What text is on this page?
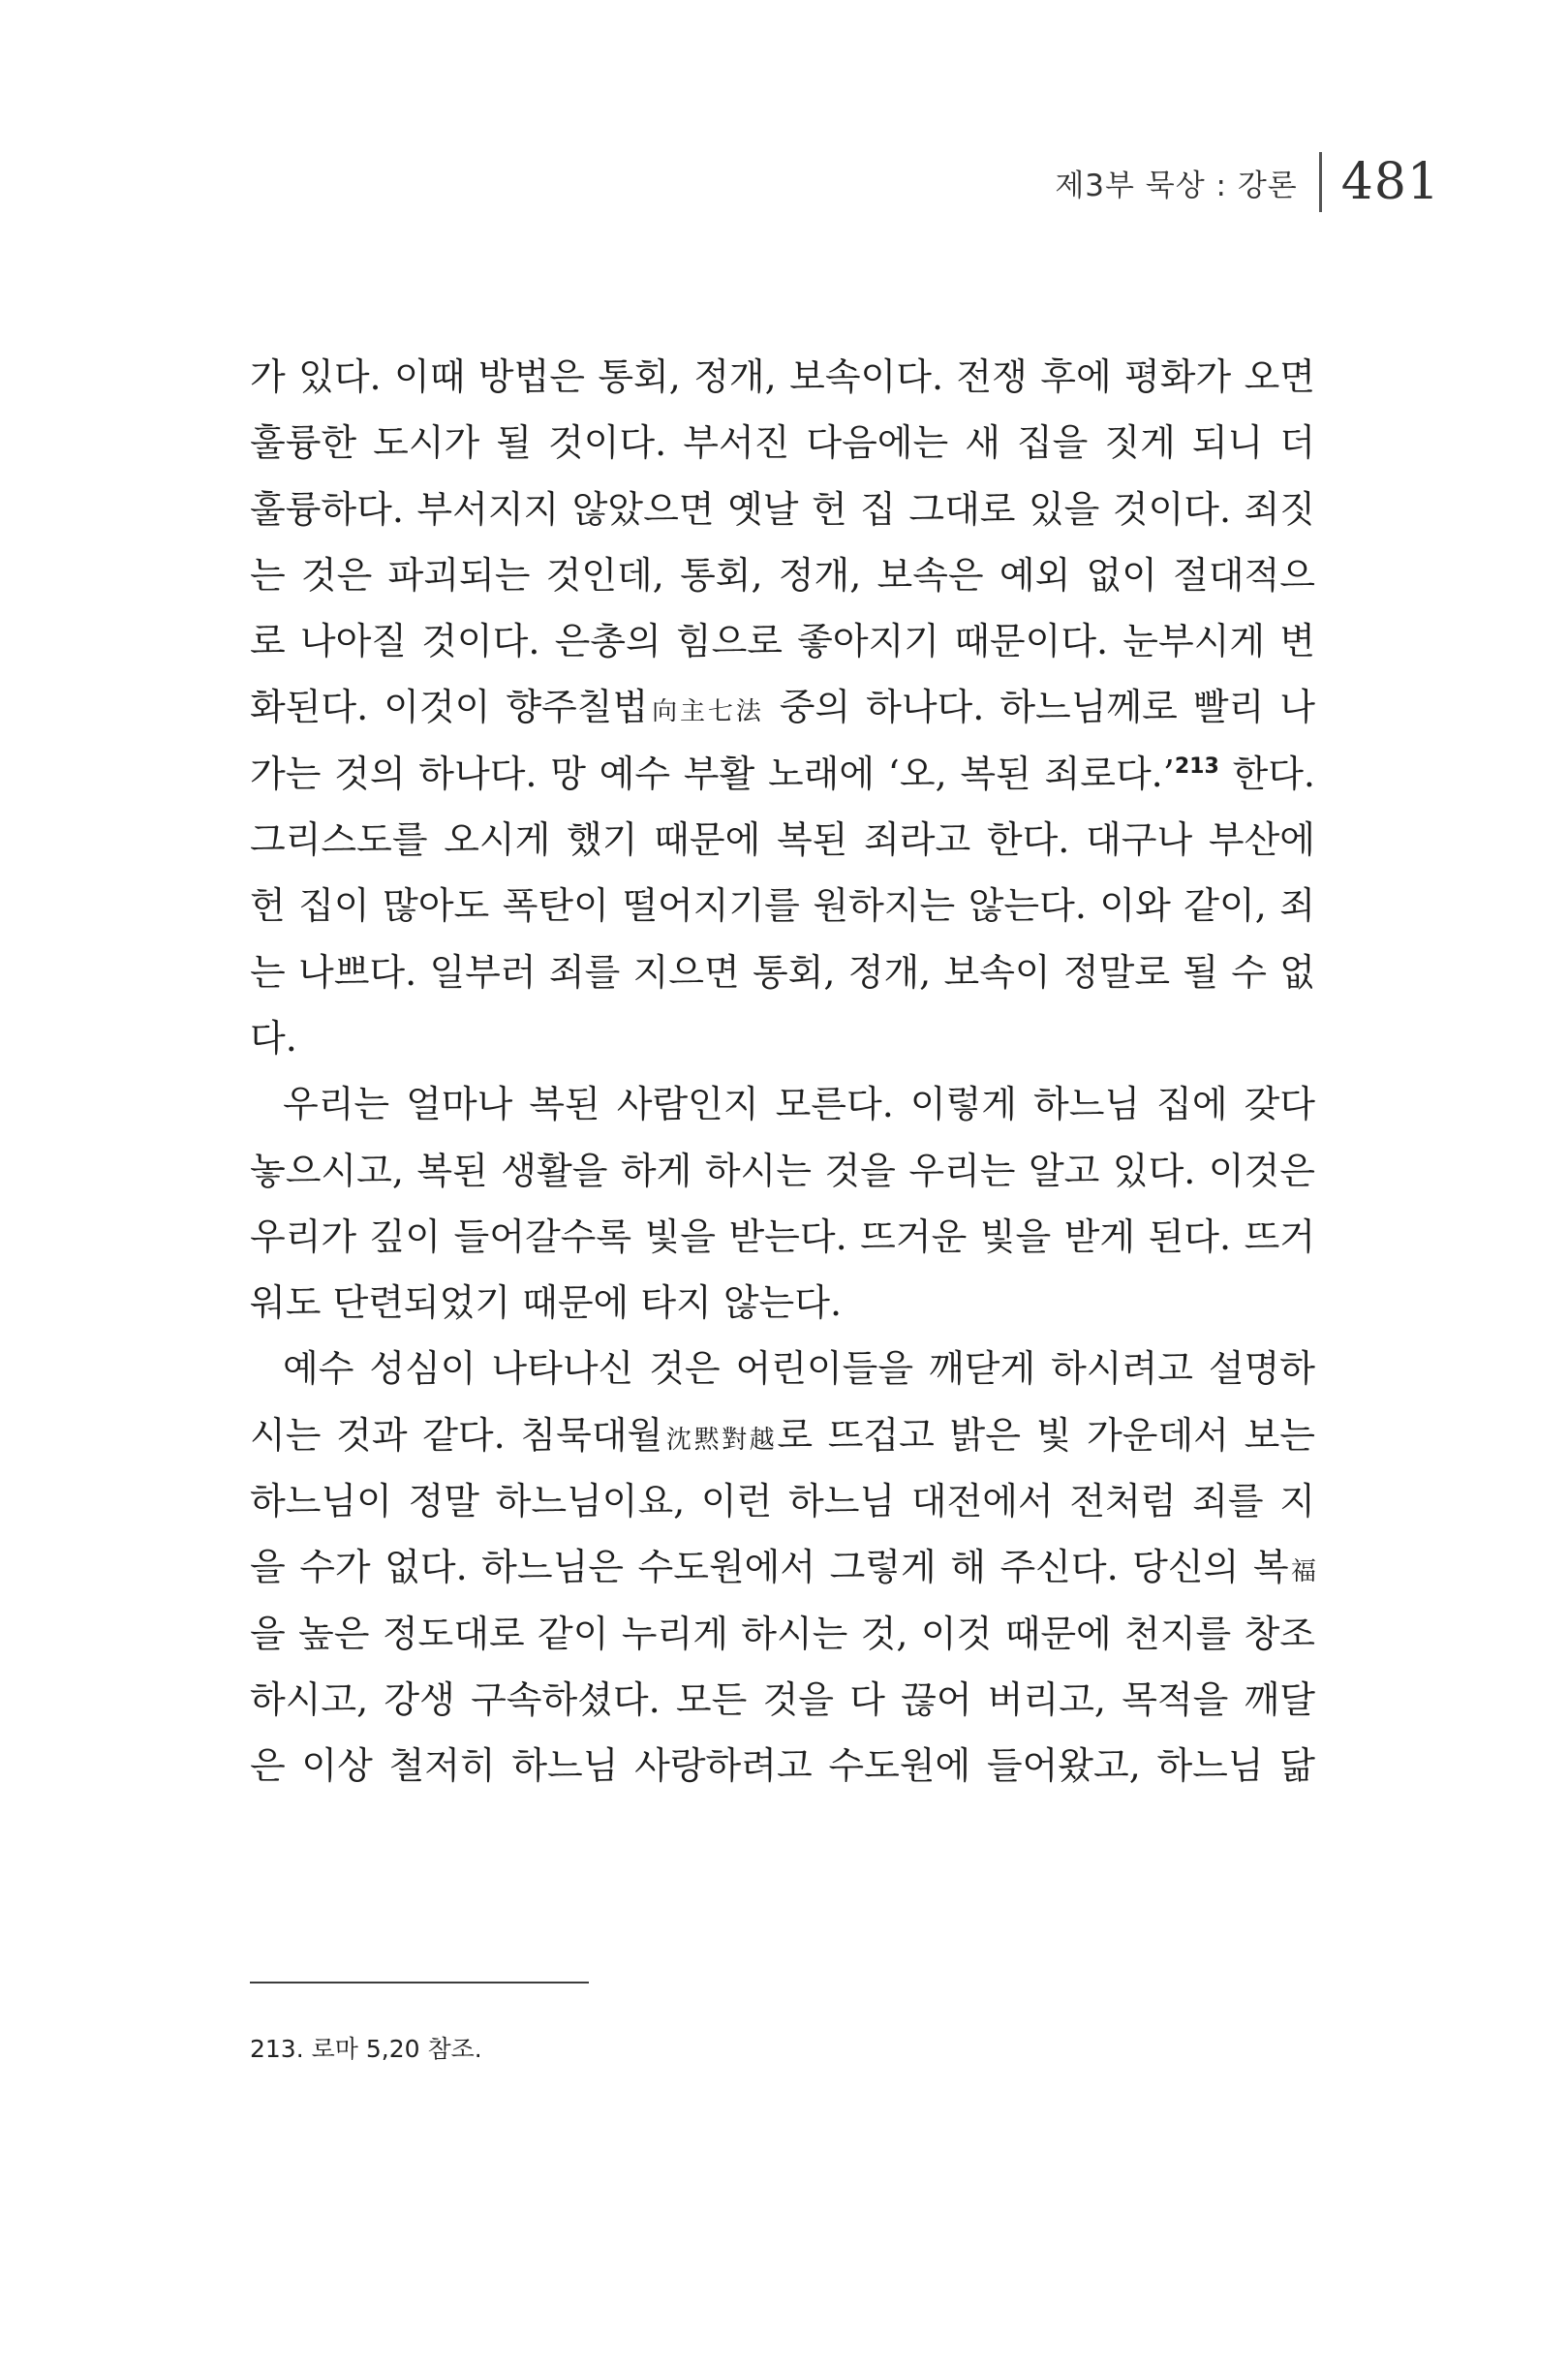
제3부 묵상 : 강론 481
가 있다. 이때 방법은 통회, 정개, 보속이다. 전쟁 후에 평화가 오면
훌륭한 도시가 될 것이다. 부서진 다음에는 새 집을 짓게 되니 더
훌륭하다. 부서지지 않았으면 옛날 헌 집 그대로 있을 것이다. 죄짓
는 것은 파괴되는 것인데, 통회, 정개, 보속은 예외 없이 절대적으
로 나아질 것이다. 은총의 힘으로 좋아지기 때문이다. 눈부시게 변
화된다. 이것이 향주칠법向主七法 중의 하나다. 하느님께로 빨리 나
가는 것의 하나다. 망 예수 부활 노래에 ‘오, 복된 죄로다.’$^{213}$ 한다.
그리스도를 오시게 했기 때문에 복된 죄라고 한다. 대구나 부산에
헌 집이 많아도 폭탄이 떨어지기를 원하지는 않는다. 이와 같이, 죄
는 나쁘다. 일부러 죄를 지으면 통회, 정개, 보속이 정말로 될 수 없
다.
우리는 얼마나 복된 사람인지 모른다. 이렇게 하느님 집에 갖다
놓으시고, 복된 생활을 하게 하시는 것을 우리는 알고 있다. 이것은
우리가 깊이 들어갈수록 빛을 받는다. 뜨거운 빛을 받게 된다. 뜨거
워도 단련되었기 때문에 타지 않는다.
예수 성심이 나타나신 것은 어린이들을 깨닫게 하시려고 설명하
시는 것과 같다. 침묵대월沈黙對越로 뜨겁고 밝은 빛 가운데서 보는
하느님이 정말 하느님이요, 이런 하느님 대전에서 전처럼 죄를 지
을 수가 없다. 하느님은 수도원에서 그렇게 해 주신다. 당신의 복福
을 높은 정도대로 같이 누리게 하시는 것, 이것 때문에 천지를 창조
하시고, 강생 구속하셨다. 모든 것을 다 끊어 버리고, 목적을 깨달
은 이상 철저히 하느님 사랑하려고 수도원에 들어왔고, 하느님 닮
213. 로마 5,20 참조.
